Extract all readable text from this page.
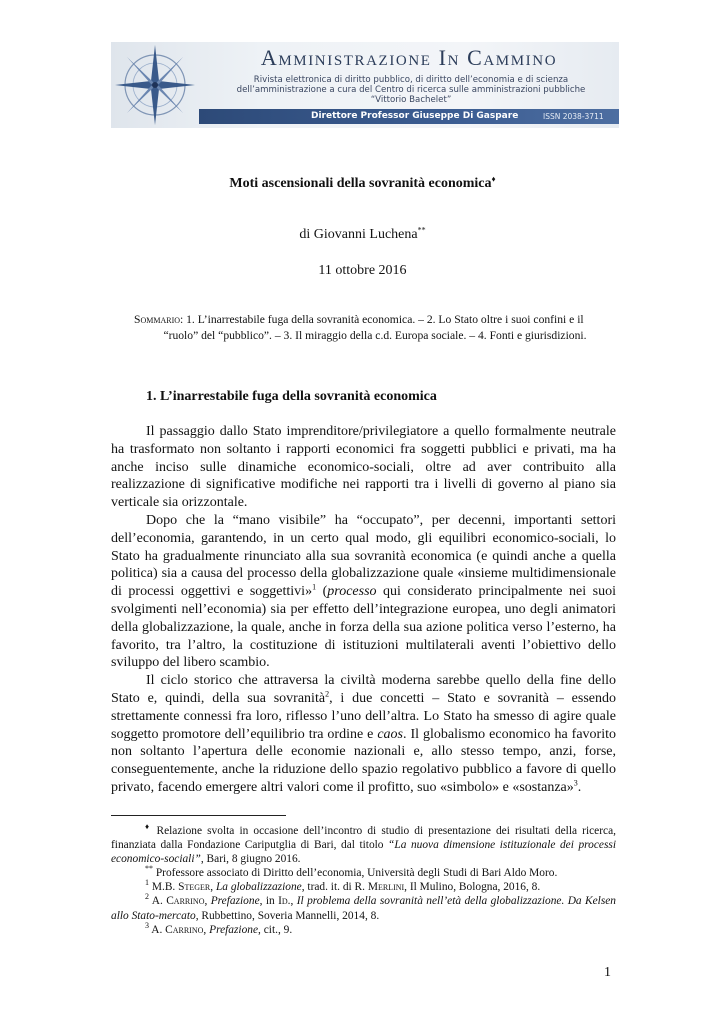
Amministrazione In Cammino
Rivista elettronica di diritto pubblico, di diritto dell’economia e di scienza
dell’amministrazione a cura del Centro di ricerca sulle amministrazioni pubbliche
“Vittorio Bachelet”
Direttore Professor Giuseppe Di Gaspare	ISSN 2038-3711
Moti ascensionali della sovranità economica♦
di Giovanni Luchena**
11 ottobre 2016
Sommario: 1. L’inarrestabile fuga della sovranità economica. – 2. Lo Stato oltre i suoi confini e il
“ruolo” del “pubblico”. – 3. Il miraggio della c.d. Europa sociale. – 4. Fonti e giurisdizioni.
1. L’inarrestabile fuga della sovranità economica

Il passaggio dallo Stato imprenditore/privilegiatore a quello formalmente neutrale ha trasformato non soltanto i rapporti economici fra soggetti pubblici e privati, ma ha anche inciso sulle dinamiche economico-sociali, oltre ad aver contribuito alla realizzazione di significative modifiche nei rapporti tra i livelli di governo al piano sia verticale sia orizzontale.

Dopo che la “mano visibile” ha “occupato”, per decenni, importanti settori dell’economia, garantendo, in un certo qual modo, gli equilibri economico-sociali, lo Stato ha gradualmente rinunciato alla sua sovranità economica (e quindi anche a quella politica) sia a causa del processo della globalizzazione quale «insieme multidimensionale di processi oggettivi e soggettivi»$^1$ (processo qui considerato principalmente nei suoi svolgimenti nell’economia) sia per effetto dell’integrazione europea, uno degli animatori della globalizzazione, la quale, anche in forza della sua azione politica verso l’esterno, ha favorito, tra l’altro, la costituzione di istituzioni multilaterali aventi l’obiettivo dello sviluppo del libero scambio.

Il ciclo storico che attraversa la civiltà moderna sarebbe quello della fine dello Stato e, quindi, della sua sovranità$^2$, i due concetti – Stato e sovranità – essendo strettamente connessi fra loro, riflesso l’uno dell’altra. Lo Stato ha smesso di agire quale soggetto promotore dell’equilibrio tra ordine e caos. Il globalismo economico ha favorito non soltanto l’apertura delle economie nazionali e, allo stesso tempo, anzi, forse, conseguentemente, anche la riduzione dello spazio regolativo pubblico a favore di quello privato, facendo emergere altri valori come il profitto, suo «simbolo» e «sostanza»$^3$.

♦ Relazione svolta in occasione dell’incontro di studio di presentazione dei risultati della ricerca, finanziata dalla Fondazione Cariputglia di Bari, dal titolo “La nuova dimensione istituzionale dei processi economico-sociali”, Bari, 8 giugno 2016.

** Professore associato di Diritto dell’economia, Università degli Studi di Bari Aldo Moro.

$^1$ M.B. Steger, La globalizzazione, trad. it. di R. Merlini, Il Mulino, Bologna, 2016, 8.

$^2$ A. Carrino, Prefazione, in Id., Il problema della sovranità nell’età della globalizzazione. Da Kelsen allo Stato-mercato, Rubbettino, Soveria Mannelli, 2014, 8.

$^3$ A. Carrino, Prefazione, cit., 9.

1
